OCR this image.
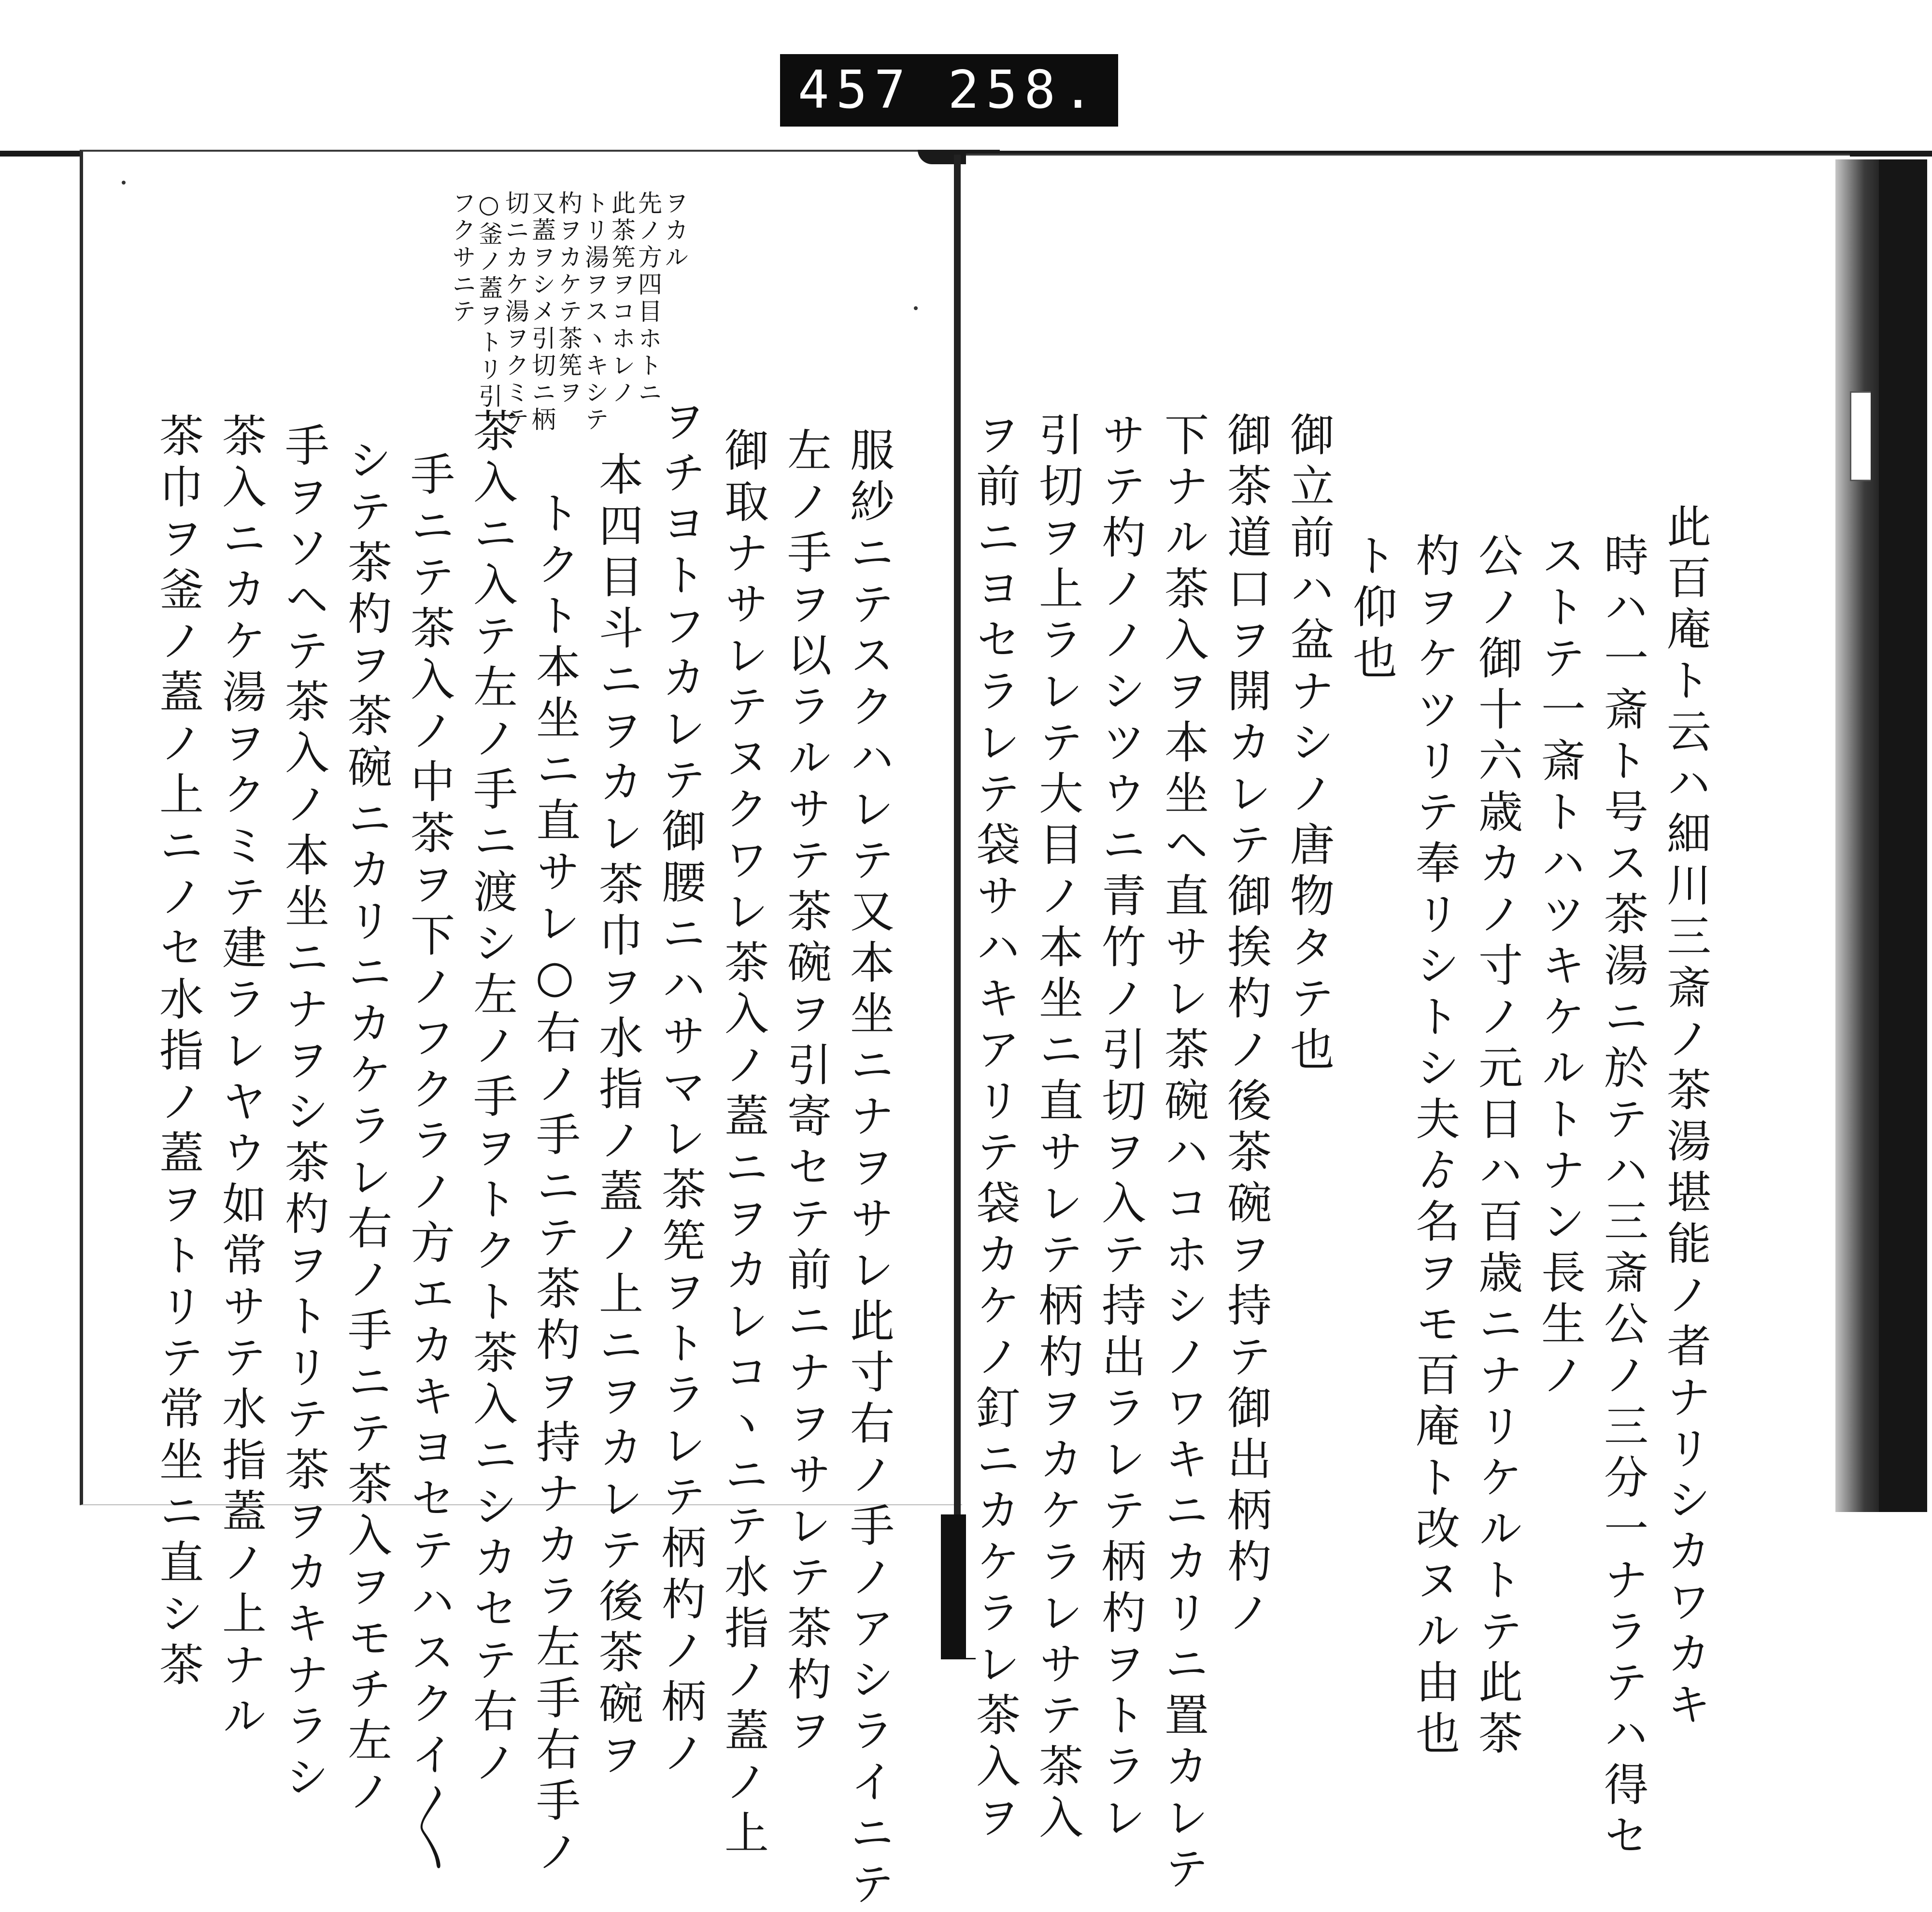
457 258.
フクサニテ
○釜ノ蓋ヲトリ引
切ニカケ湯ヲクミテ
又蓋ヲシメ引切ニ柄
杓ヲカケテ茶筅ヲ
トリ湯ヲスヽキシテ
此茶筅ヲコホレノ
先ノ方四目ホトニ
ヲカル
服紗ニテスクハレテ又本坐ニナヲサレ此寸右ノ手ノアシライニテ
左ノ手ヲ以ラルサテ茶碗ヲ引寄セテ前ニナヲサレテ茶杓ヲ
御取ナサレテヌクワレ茶入ノ蓋ニヲカレコヽニテ水指ノ蓋ノ上
ヲチヨトフカレテ御腰ニハサマレ茶筅ヲトラレテ柄杓ノ柄ノ
本四目斗ニヲカレ茶巾ヲ水指ノ蓋ノ上ニヲカレテ後茶碗ヲ
トクト本坐ニ直サレ○右ノ手ニテ茶杓ヲ持ナカラ左手右手ノ
茶入ニ入テ左ノ手ニ渡シ左ノ手ヲトクト茶入ニシカセテ右ノ
手ニテ茶入ノ中茶ヲ下ノフクラノ方エカキヨセテハスクイ〳〵
シテ茶杓ヲ茶碗ニカリニカケラレ右ノ手ニテ茶入ヲモチ左ノ
手ヲソヘテ茶入ノ本坐ニナヲシ茶杓ヲトリテ茶ヲカキナラシ
茶入ニカケ湯ヲクミテ建ラレヤウ如常サテ水指蓋ノ上ナル
茶巾ヲ釜ノ蓋ノ上ニノセ水指ノ蓋ヲトリテ常坐ニ直シ茶	此百庵ト云ハ細川三斎ノ茶湯堪能ノ者ナリシカワカキ
時ハ一斎ト号ス茶湯ニ於テハ三斎公ノ三分一ナラテハ得セ
ストテ一斎トハツキケルトナン長生ノ
公ノ御十六歳カノ寸ノ元日ハ百歳ニナリケルトテ此茶
杓ヲケツリテ奉リシトシ夫ゟ名ヲモ百庵ト改ヌル由也
ト仰也
御立前ハ盆ナシノ唐物タテ也
御茶道口ヲ開カレテ御挨杓ノ後茶碗ヲ持テ御出柄杓ノ
下ナル茶入ヲ本坐ヘ直サレ茶碗ハコホシノワキニカリニ置カレテ
サテ杓ノノシツウニ青竹ノ引切ヲ入テ持出ラレテ柄杓ヲトラレ
引切ヲ上ラレテ大目ノ本坐ニ直サレテ柄杓ヲカケラレサテ茶入
ヲ前ニヨセラレテ袋サハキアリテ袋カケノ釘ニカケラレ茶入ヲ
